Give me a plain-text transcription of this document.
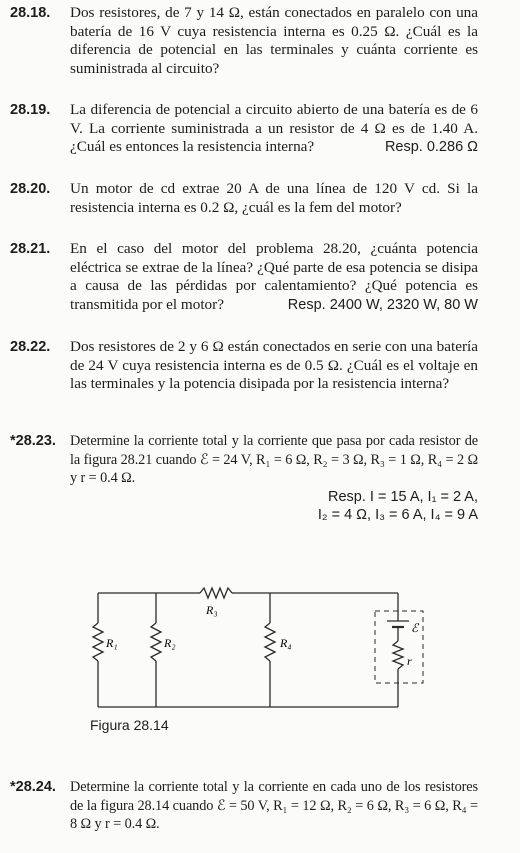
28.18.	Dos resistores, de 7 y 14 Ω, están conectados en paralelo con una batería de 16 V cuya resistencia interna es 0.25 Ω. ¿Cuál es la diferencia de potencial en las terminales y cuánta corriente es suministrada al circuito?
28.19.	La diferencia de potencial a circuito abierto de una batería es de 6 V. La corriente suministrada a un resistor de 4 Ω es de 1.40 A. ¿Cuál es entonces la resistencia interna?	Resp. 0.286 Ω
28.20.	Un motor de cd extrae 20 A de una línea de 120 V cd. Si la resistencia interna es 0.2 Ω, ¿cuál es la fem del motor?
28.21.	En el caso del motor del problema 28.20, ¿cuánta potencia eléctrica se extrae de la línea? ¿Qué parte de esa potencia se disipa a causa de las pérdidas por calentamiento? ¿Qué potencia es transmitida por el motor?	Resp. 2400 W, 2320 W, 80 W
28.22.	Dos resistores de 2 y 6 Ω están conectados en serie con una batería de 24 V cuya resistencia interna es de 0.5 Ω. ¿Cuál es el voltaje en las terminales y la potencia disipada por la resistencia interna?
*28.23. Determine la corriente total y la corriente que pasa por cada resistor de la figura 28.21 cuando ℰ = 24 V, R₁ = 6 Ω, R₂ = 3 Ω, R₃ = 1 Ω, R₄ = 2 Ω y r = 0.4 Ω.
Resp. I = 15 A, I₁ = 2 A,
I₂ = 4 Ω, I₃ = 6 A, I₄ = 9 A
R₁	R₂
R₃
R₄
ℰ
r
Figura 28.14
*28.24. Determine la corriente total y la corriente en cada uno de los resistores de la figura 28.14 cuando ℰ = 50 V, R₁ = 12 Ω, R₂ = 6 Ω, R₃ = 6 Ω, R₄ = 8 Ω y r = 0.4 Ω.
